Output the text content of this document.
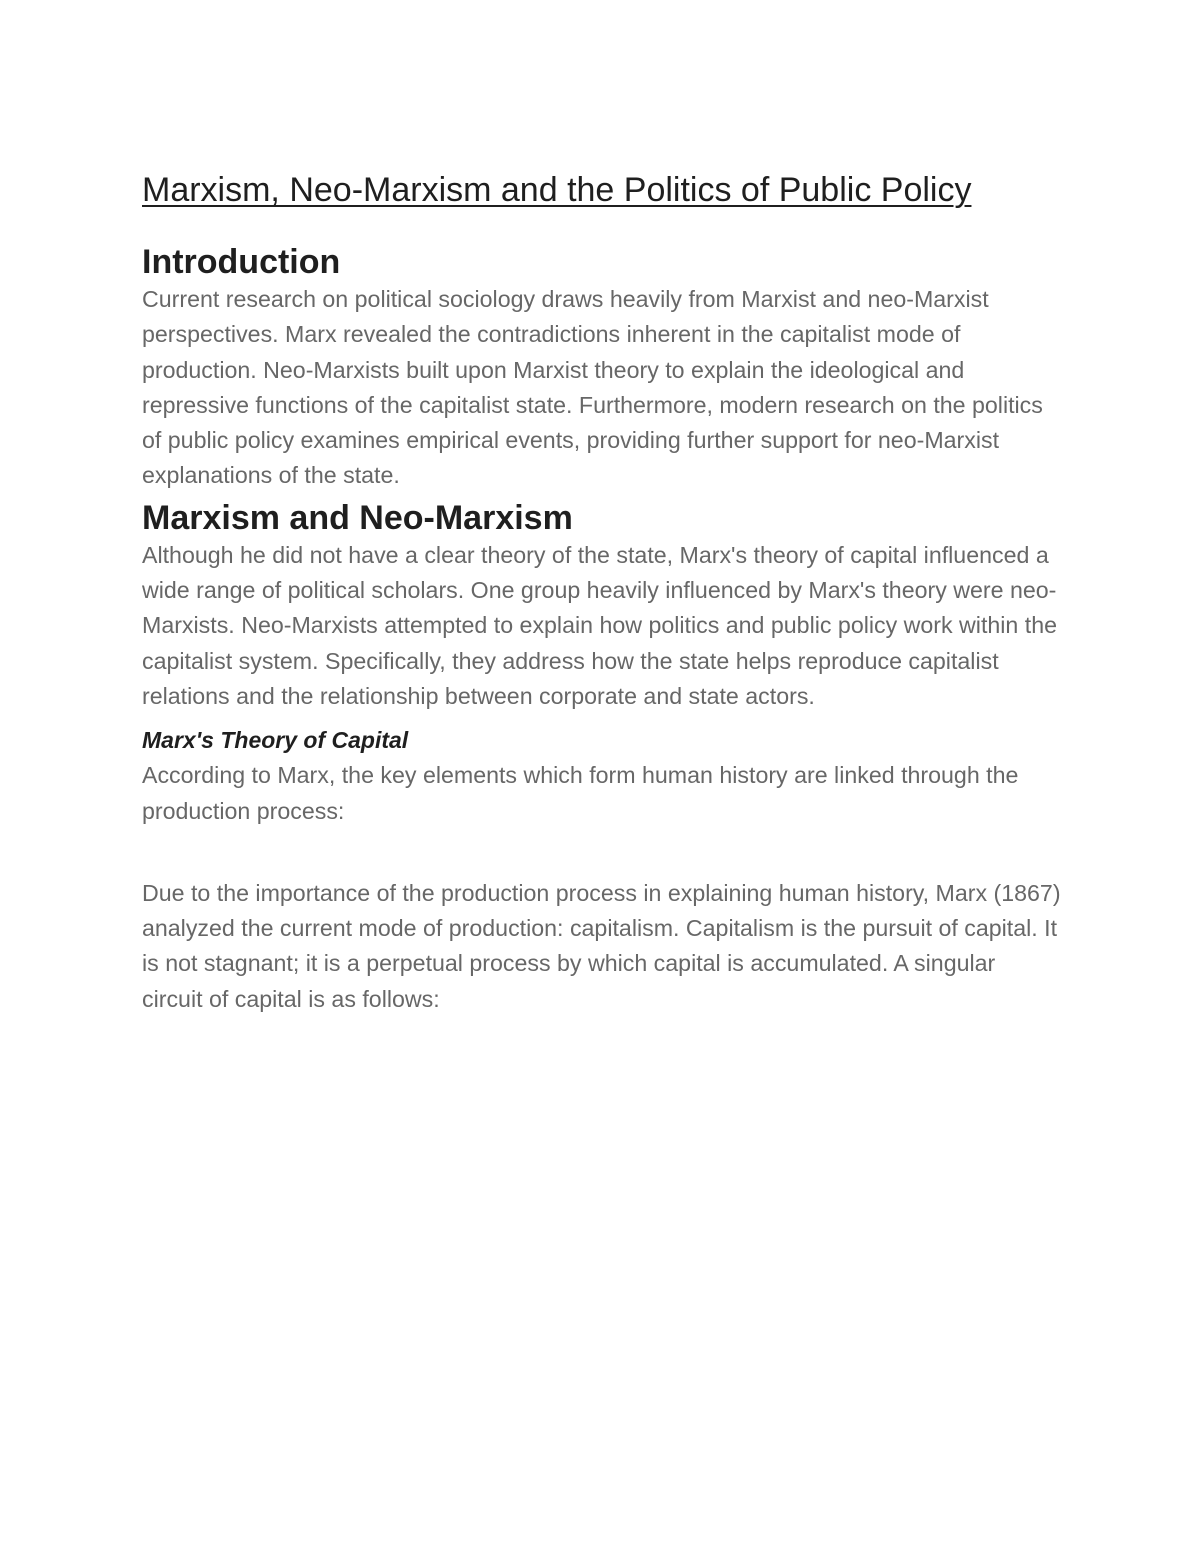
Marxism, Neo-Marxism and the Politics of Public Policy
Introduction

Current research on political sociology draws heavily from Marxist and neo-Marxist perspectives. Marx revealed the contradictions inherent in the capitalist mode of production. Neo-Marxists built upon Marxist theory to explain the ideological and repressive functions of the capitalist state. Furthermore, modern research on the politics of public policy examines empirical events, providing further support for neo-Marxist explanations of the state.

Marxism and Neo-Marxism

Although he did not have a clear theory of the state, Marx's theory of capital influenced a wide range of political scholars. One group heavily influenced by Marx's theory were neo-Marxists. Neo-Marxists attempted to explain how politics and public policy work within the capitalist system. Specifically, they address how the state helps reproduce capitalist relations and the relationship between corporate and state actors.

Marx's Theory of Capital

According to Marx, the key elements which form human history are linked through the production process:

Due to the importance of the production process in explaining human history, Marx (1867) analyzed the current mode of production: capitalism. Capitalism is the pursuit of capital. It is not stagnant; it is a perpetual process by which capital is accumulated. A singular circuit of capital is as follows:
